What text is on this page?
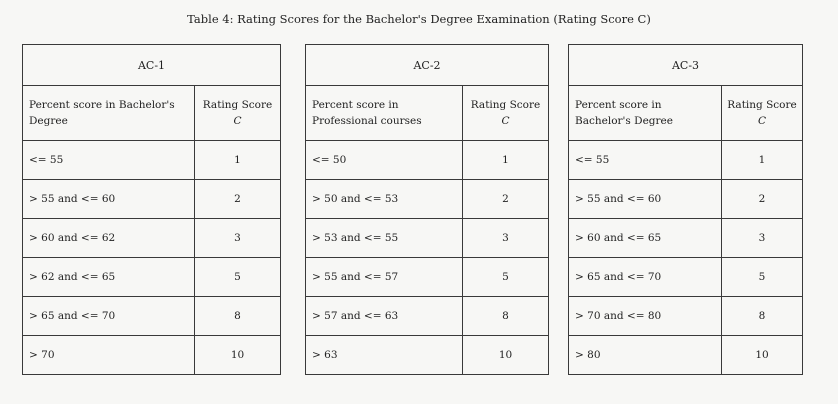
Table 4: Rating Scores for the Bachelor's Degree Examination (Rating Score C)
AC-1	
Percent score in Bachelor's
Degree	Rating Score
C
<= 55	1
> 55 and <= 60	2
> 60 and <= 62	3
> 62 and <= 65	5
> 65 and <= 70	8
> 70	10
AC-2	
Percent score in
Professional courses	Rating Score
C
<= 50	1
> 50 and <= 53	2
> 53 and <= 55	3
> 55 and <= 57	5
> 57 and <= 63	8
> 63	10
AC-3	
Percent score in
Bachelor's Degree	Rating Score
C
<= 55	1
> 55 and <= 60	2
> 60 and <= 65	3
> 65 and <= 70	5
> 70 and <= 80	8
> 80	10
